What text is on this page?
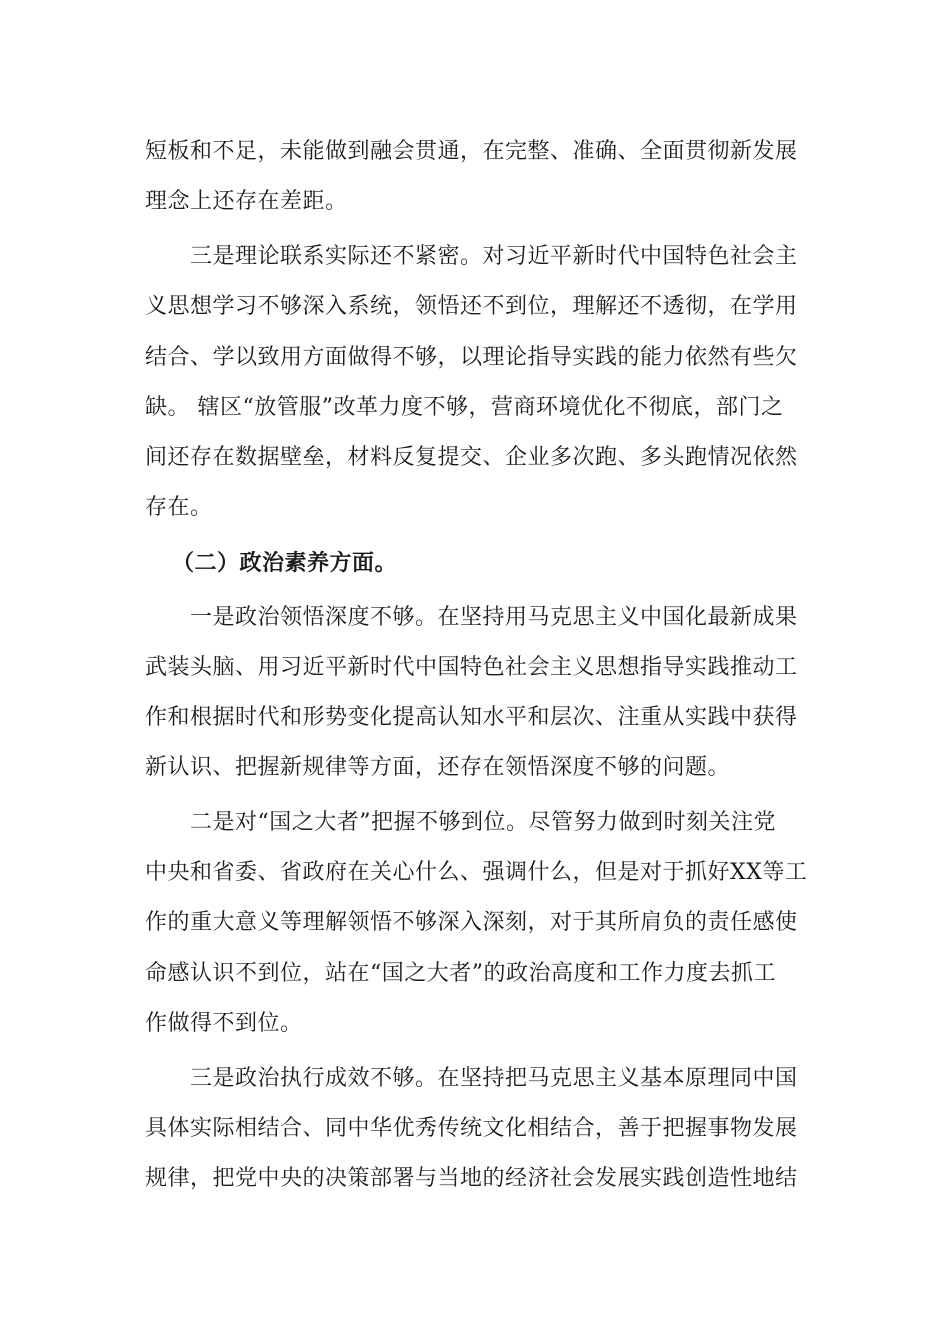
短板和不足，未能做到融会贯通，在完整、准确、全面贯彻新发展
理念上还存在差距。
三是理论联系实际还不紧密。对习近平新时代中国特色社会主
义思想学习不够深入系统，领悟还不到位，理解还不透彻，在学用
结合、学以致用方面做得不够，以理论指导实践的能力依然有些欠
缺。 辖区“放管服”改革力度不够，营商环境优化不彻底，部门之
间还存在数据壁垒，材料反复提交、企业多次跑、多头跑情况依然
存在。
（二）政治素养方面。
一是政治领悟深度不够。在坚持用马克思主义中国化最新成果
武装头脑、用习近平新时代中国特色社会主义思想指导实践推动工
作和根据时代和形势变化提高认知水平和层次、注重从实践中获得
新认识、把握新规律等方面，还存在领悟深度不够的问题。
二是对“国之大者”把握不够到位。尽管努力做到时刻关注党
中央和省委、省政府在关心什么、强调什么，但是对于抓好XX等工
作的重大意义等理解领悟不够深入深刻，对于其所肩负的责任感使
命感认识不到位，站在“国之大者”的政治高度和工作力度去抓工
作做得不到位。
三是政治执行成效不够。在坚持把马克思主义基本原理同中国
具体实际相结合、同中华优秀传统文化相结合，善于把握事物发展
规律，把党中央的决策部署与当地的经济社会发展实践创造性地结
